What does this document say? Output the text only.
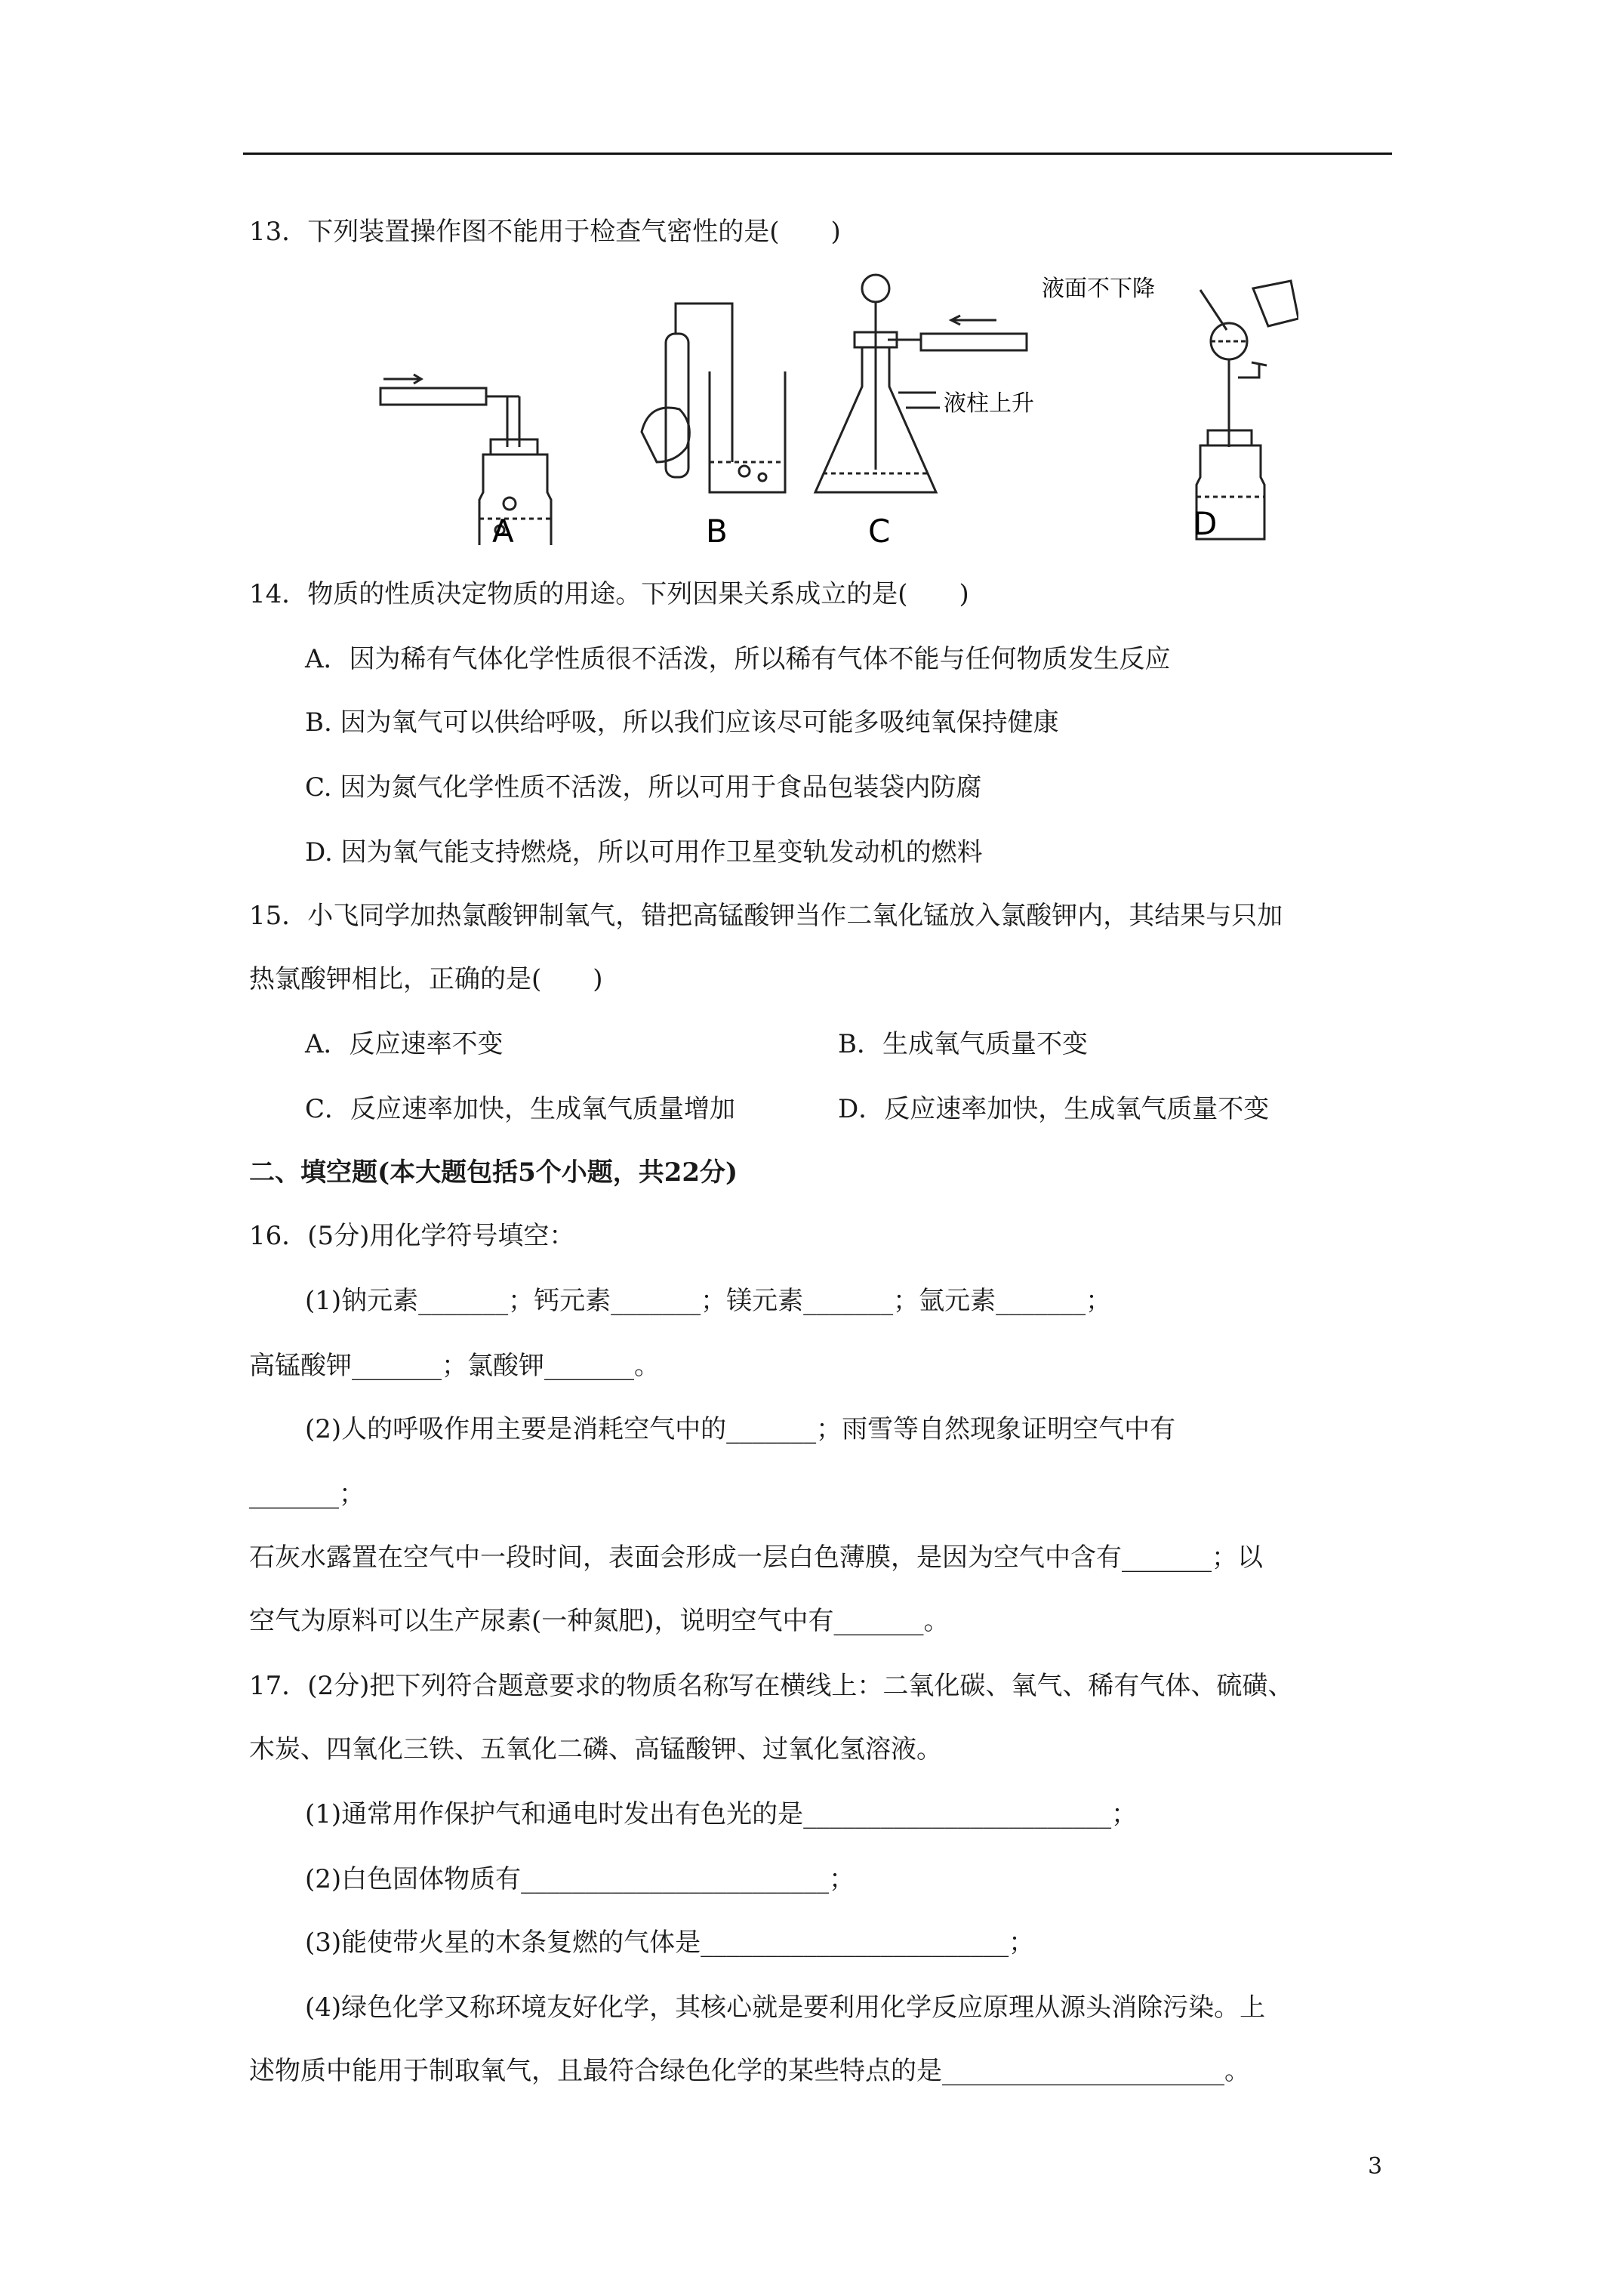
13．下列装置操作图不能用于检查气密性的是(　　)
A	B	C	D
液柱上升
液面不下降
14．物质的性质决定物质的用途。下列因果关系成立的是(　　)
A．因为稀有气体化学性质很不活泼，所以稀有气体不能与任何物质发生反应
B. 因为氧气可以供给呼吸，所以我们应该尽可能多吸纯氧保持健康
C. 因为氮气化学性质不活泼，所以可用于食品包装袋内防腐
D. 因为氧气能支持燃烧，所以可用作卫星变轨发动机的燃料
15．小飞同学加热氯酸钾制氧气，错把高锰酸钾当作二氧化锰放入氯酸钾内，其结果与只加
热氯酸钾相比，正确的是(　　)
A．反应速率不变	B．生成氧气质量不变
C．反应速率加快，生成氧气质量增加	D．反应速率加快，生成氧气质量不变
二、填空题(本大题包括5个小题，共22分)
16．(5分)用化学符号填空：
(1)钠元素_______；钙元素_______；镁元素_______；氩元素_______；
高锰酸钾_______；氯酸钾_______。
(2)人的呼吸作用主要是消耗空气中的_______；雨雪等自然现象证明空气中有
_______；
石灰水露置在空气中一段时间，表面会形成一层白色薄膜，是因为空气中含有_______；以
空气为原料可以生产尿素(一种氮肥)，说明空气中有_______。
17．(2分)把下列符合题意要求的物质名称写在横线上：二氧化碳、氧气、稀有气体、硫磺、
木炭、四氧化三铁、五氧化二磷、高锰酸钾、过氧化氢溶液。
(1)通常用作保护气和通电时发出有色光的是________________________；
(2)白色固体物质有________________________；
(3)能使带火星的木条复燃的气体是________________________；
(4)绿色化学又称环境友好化学，其核心就是要利用化学反应原理从源头消除污染。上
述物质中能用于制取氧气，且最符合绿色化学的某些特点的是______________________。
3
